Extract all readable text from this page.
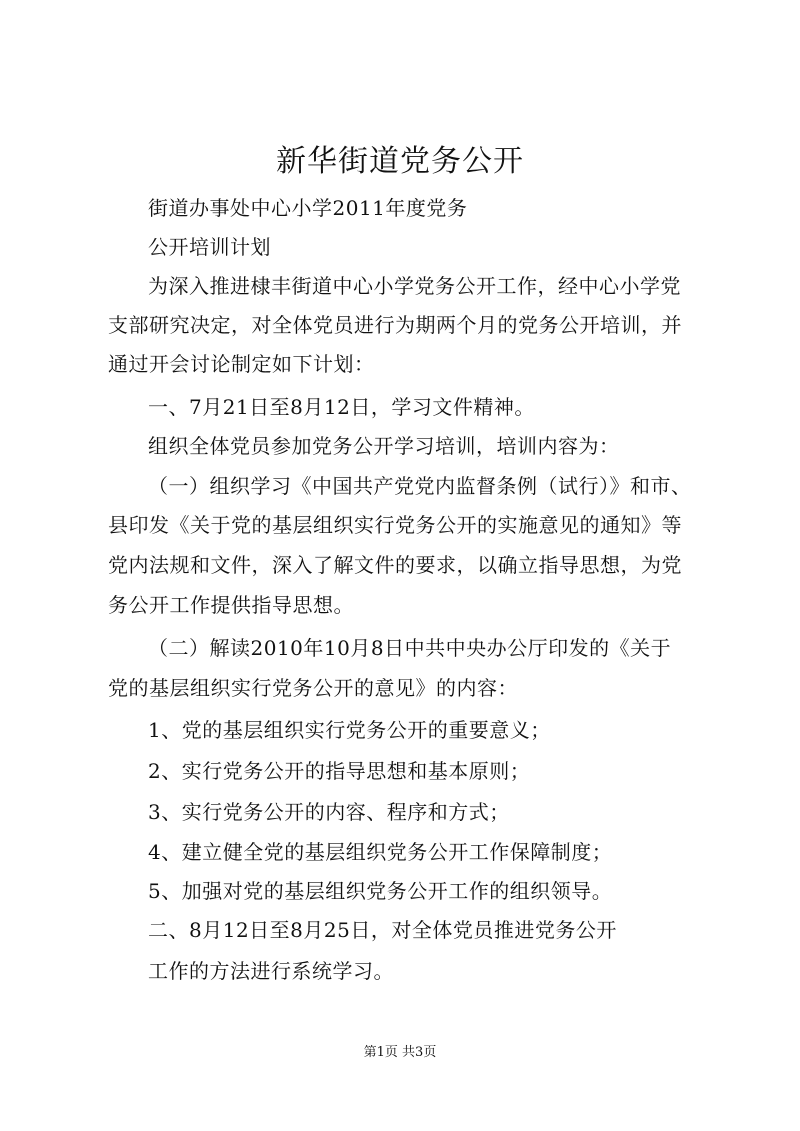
新华街道党务公开
街道办事处中心小学2011年度党务
公开培训计划
为深入推进棣丰街道中心小学党务公开工作，经中心小学党
支部研究决定，对全体党员进行为期两个月的党务公开培训，并
通过开会讨论制定如下计划：
一、7月21日至8月12日，学习文件精神。
组织全体党员参加党务公开学习培训，培训内容为：
（一）组织学习《中国共产党党内监督条例（试行）》和市、
县印发《关于党的基层组织实行党务公开的实施意见的通知》等
党内法规和文件，深入了解文件的要求，以确立指导思想，为党
务公开工作提供指导思想。
（二）解读2010年10月8日中共中央办公厅印发的《关于
党的基层组织实行党务公开的意见》的内容：
1、党的基层组织实行党务公开的重要意义；
2、实行党务公开的指导思想和基本原则；
3、实行党务公开的内容、程序和方式；
4、建立健全党的基层组织党务公开工作保障制度；
5、加强对党的基层组织党务公开工作的组织领导。
二、8月12日至8月25日，对全体党员推进党务公开
工作的方法进行系统学习。
第1页 共3页
